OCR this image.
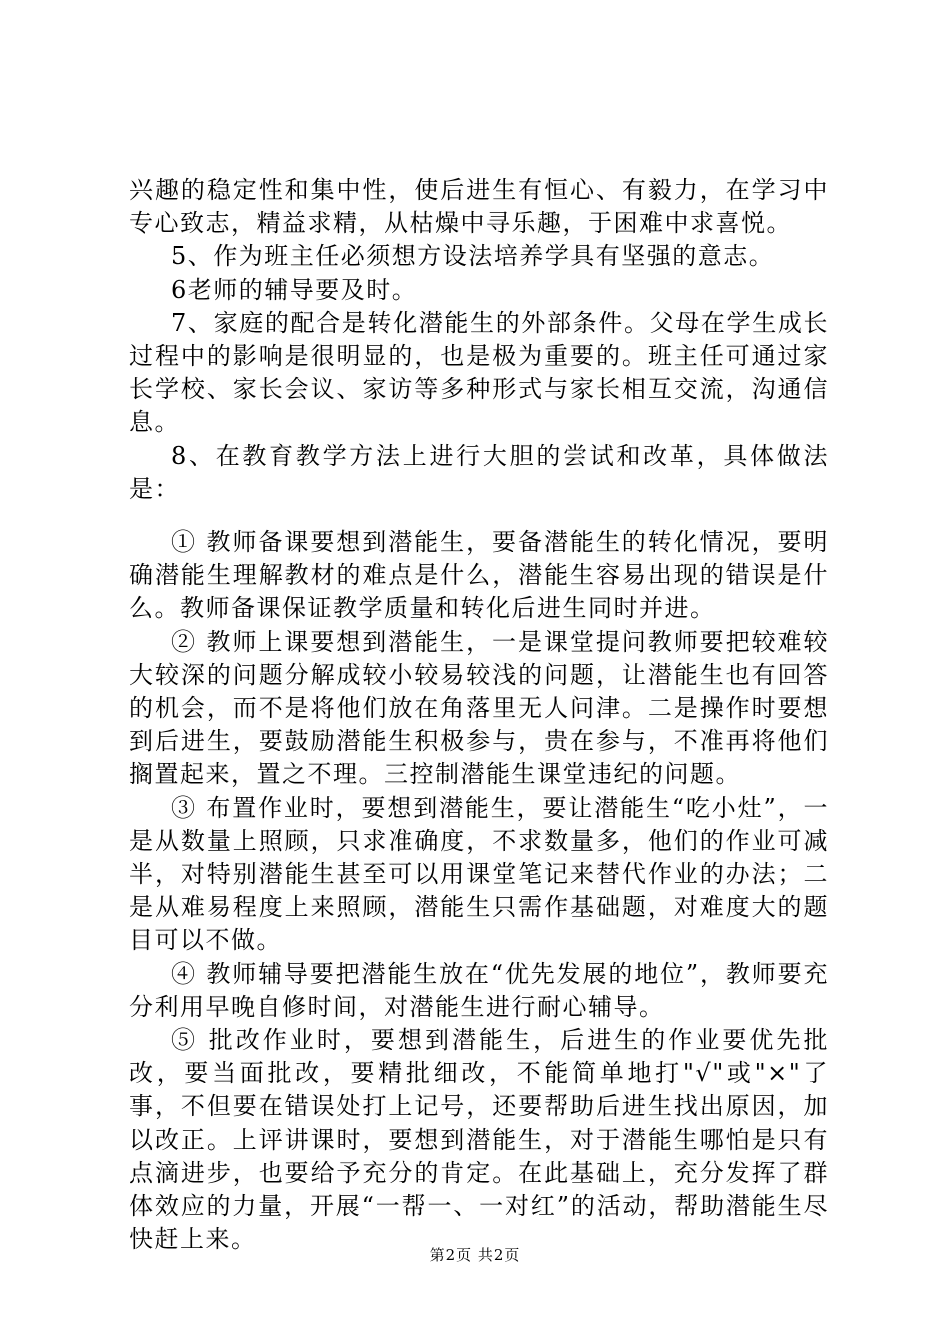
兴趣的稳定性和集中性，使后进生有恒心、有毅力，在学习中专心致志，精益求精，从枯燥中寻乐趣，于困难中求喜悦。

5、作为班主任必须想方设法培养学具有坚强的意志。

6老师的辅导要及时。

7、家庭的配合是转化潜能生的外部条件。父母在学生成长过程中的影响是很明显的，也是极为重要的。班主任可通过家长学校、家长会议、家访等多种形式与家长相互交流，沟通信息。

8、在教育教学方法上进行大胆的尝试和改革，具体做法是：

① 教师备课要想到潜能生，要备潜能生的转化情况，要明确潜能生理解教材的难点是什么，潜能生容易出现的错误是什么。教师备课保证教学质量和转化后进生同时并进。

② 教师上课要想到潜能生，一是课堂提问教师要把较难较大较深的问题分解成较小较易较浅的问题，让潜能生也有回答的机会，而不是将他们放在角落里无人问津。二是操作时要想到后进生，要鼓励潜能生积极参与，贵在参与，不准再将他们搁置起来，置之不理。三控制潜能生课堂违纪的问题。

③ 布置作业时，要想到潜能生，要让潜能生“吃小灶”，一是从数量上照顾，只求准确度，不求数量多，他们的作业可减半，对特别潜能生甚至可以用课堂笔记来替代作业的办法；二是从难易程度上来照顾，潜能生只需作基础题，对难度大的题目可以不做。

④ 教师辅导要把潜能生放在“优先发展的地位”，教师要充分利用早晚自修时间，对潜能生进行耐心辅导。

⑤ 批改作业时，要想到潜能生，后进生的作业要优先批改，要当面批改，要精批细改，不能简单地打"√"或"×"了事，不但要在错误处打上记号，还要帮助后进生找出原因，加以改正。上评讲课时，要想到潜能生，对于潜能生哪怕是只有点滴进步，也要给予充分的肯定。在此基础上，充分发挥了群体效应的力量，开展“一帮一、一对红”的活动，帮助潜能生尽快赶上来。

第2页 共2页
